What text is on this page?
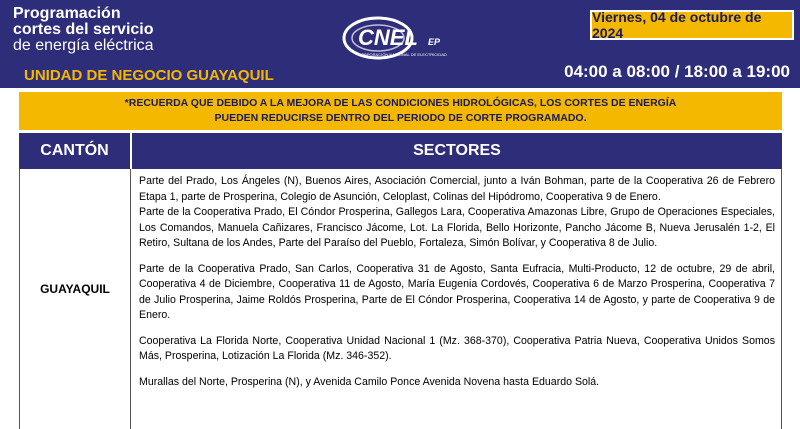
Programación
cortes del servicio
de energía eléctrica
UNIDAD DE NEGOCIO GUAYAQUIL
CNEL EP
CORPORACIÓN NACIONAL DE ELECTRICIDAD
Viernes, 04 de octubre de 2024
04:00 a 08:00 / 18:00 a 19:00
*RECUERDA QUE DEBIDO A LA MEJORA DE LAS CONDICIONES HIDROLÓGICAS, LOS CORTES DE ENERGÍA
PUEDEN REDUCIRSE DENTRO DEL PERIODO DE CORTE PROGRAMADO.
CANTÓN	SECTORES
GUAYAQUIL

Parte del Prado, Los Ángeles (N), Buenos Aires, Asociación Comercial, junto a Iván Bohman, parte de la Cooperativa 26 de Febrero Etapa 1, parte de Prosperina, Colegio de Asunción, Celoplast, Colinas del Hipódromo, Cooperativa 9 de Enero.

Parte de la Cooperativa Prado, El Cóndor Prosperina, Gallegos Lara, Cooperativa Amazonas Libre, Grupo de Operaciones Especiales, Los Comandos, Manuela Cañizares, Francisco Jácome, Lot. La Florida, Bello Horizonte, Pancho Jácome B, Nueva Jerusalén 1-2, El Retiro, Sultana de los Andes, Parte del Paraíso del Pueblo, Fortaleza, Simón Bolívar, y Cooperativa 8 de Julio.

Parte de la Cooperativa Prado, San Carlos, Cooperativa 31 de Agosto, Santa Eufracia, Multi-Producto, 12 de octubre, 29 de abril, Cooperativa 4 de Diciembre, Cooperativa 11 de Agosto, María Eugenia Cordovés, Cooperativa 6 de Marzo Prosperina, Cooperativa 7 de Julio Prosperina, Jaime Roldós Prosperina, Parte de El Cóndor Prosperina, Cooperativa 14 de Agosto, y parte de Cooperativa 9 de Enero.

Cooperativa La Florida Norte, Cooperativa Unidad Nacional 1 (Mz. 368-370), Cooperativa Patria Nueva, Cooperativa Unidos Somos Más, Prosperina, Lotización La Florida (Mz. 346-352).

Murallas del Norte, Prosperina (N), y Avenida Camilo Ponce Avenida Novena hasta Eduardo Solá.
